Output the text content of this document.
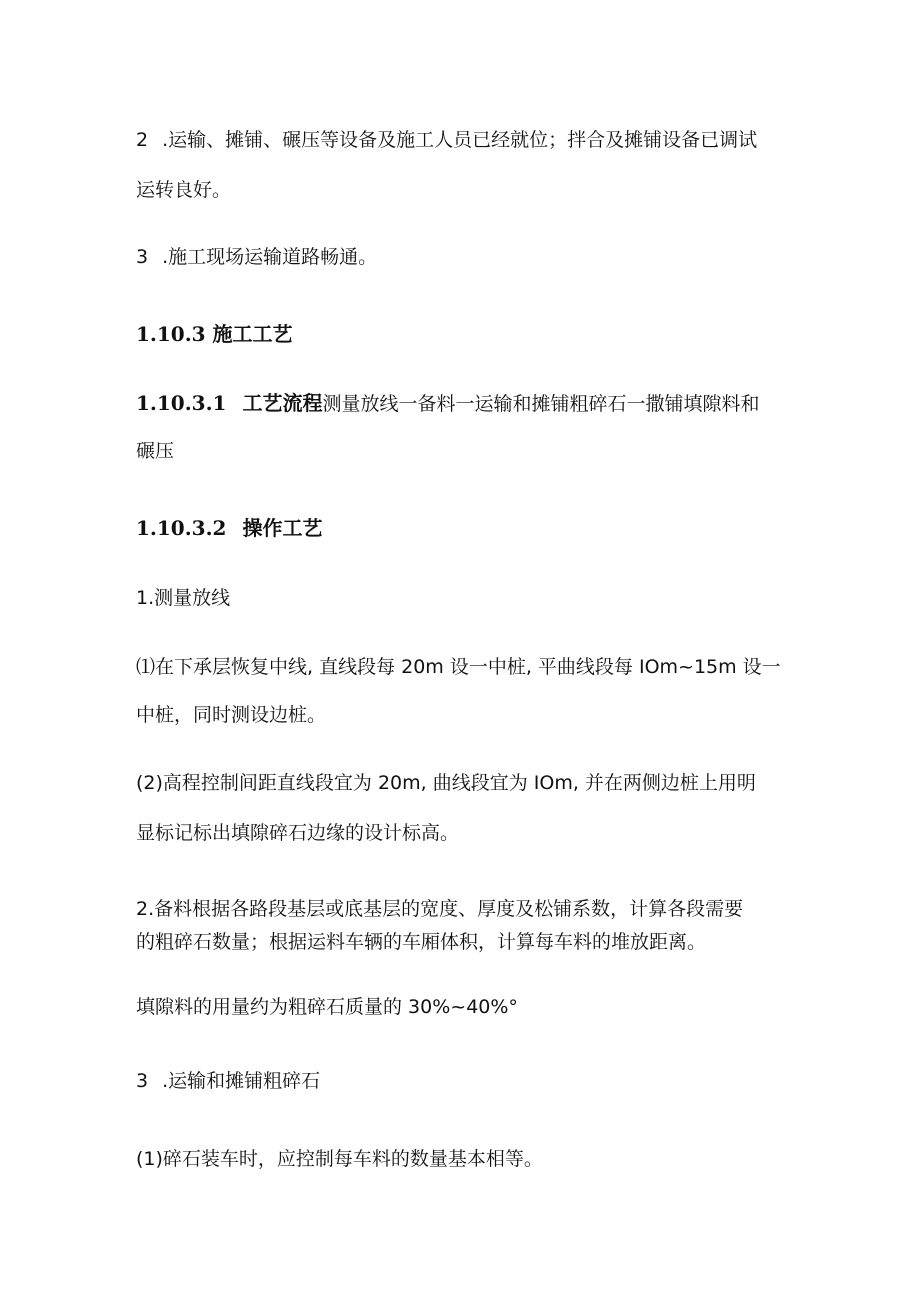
2 .运输、摊铺、碾压等设备及施工人员已经就位；拌合及摊铺设备已调试
运转良好。
3 .施工现场运输道路畅通。
1.10.3 施工工艺
1.10.3.1 工艺流程测量放线一备料一运输和摊铺粗碎石一撒铺填隙料和
碾压
1.10.3.2 操作工艺
1.测量放线
⑴在下承层恢复中线, 直线段每 20m 设一中桩, 平曲线段每 IOm~15m 设一
中桩，同时测设边桩。
(2)高程控制间距直线段宜为 20m, 曲线段宜为 IOm, 并在两侧边桩上用明
显标记标出填隙碎石边缘的设计标高。
2.备料根据各路段基层或底基层的宽度、厚度及松铺系数，计算各段需要
的粗碎石数量；根据运料车辆的车厢体积，计算每车料的堆放距离。
填隙料的用量约为粗碎石质量的 30%~40%°
3 .运输和摊铺粗碎石
(1)碎石装车时，应控制每车料的数量基本相等。
